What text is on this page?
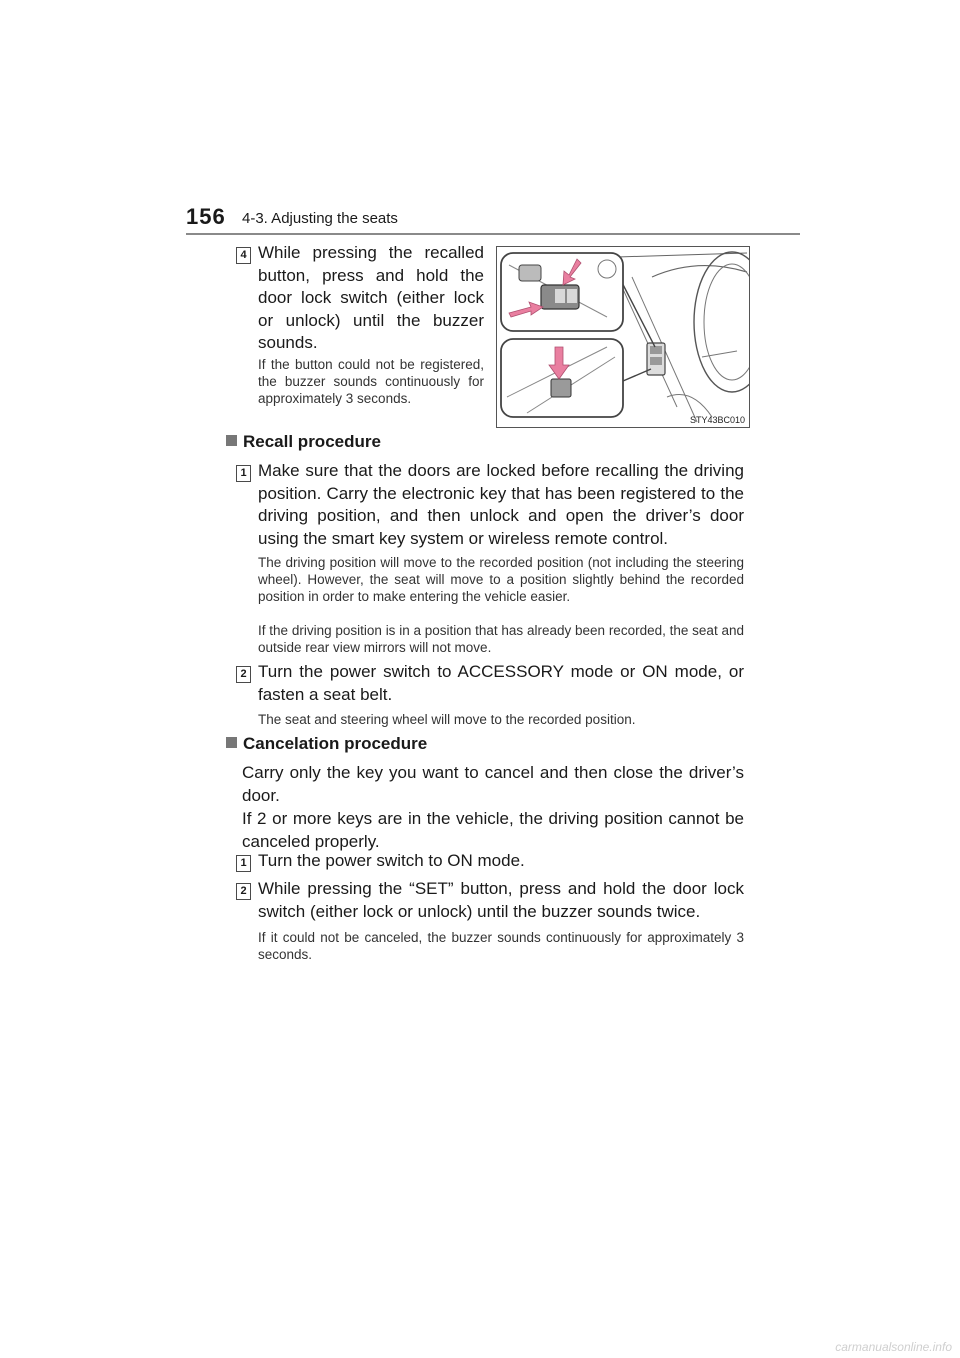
156 4-3. Adjusting the seats
4 While pressing the recalled button, press and hold the door lock switch (either lock or unlock) until the buzzer sounds.
If the button could not be registered, the buzzer sounds continuously for approximately 3 seconds.
STY43BC010
Recall procedure
1 Make sure that the doors are locked before recalling the driving position. Carry the electronic key that has been registered to the driving position, and then unlock and open the driver’s door using the smart key system or wireless remote control.
The driving position will move to the recorded position (not including the steering wheel). However, the seat will move to a position slightly behind the recorded position in order to make entering the vehicle easier.
If the driving position is in a position that has already been recorded, the seat and outside rear view mirrors will not move.
2 Turn the power switch to ACCESSORY mode or ON mode, or fasten a seat belt.
The seat and steering wheel will move to the recorded position.
Cancelation procedure
Carry only the key you want to cancel and then close the driver’s door.
If 2 or more keys are in the vehicle, the driving position cannot be canceled properly.
1 Turn the power switch to ON mode.
2 While pressing the “SET” button, press and hold the door lock switch (either lock or unlock) until the buzzer sounds twice.
If it could not be canceled, the buzzer sounds continuously for approximately 3 seconds.
carmanualsonline.info
